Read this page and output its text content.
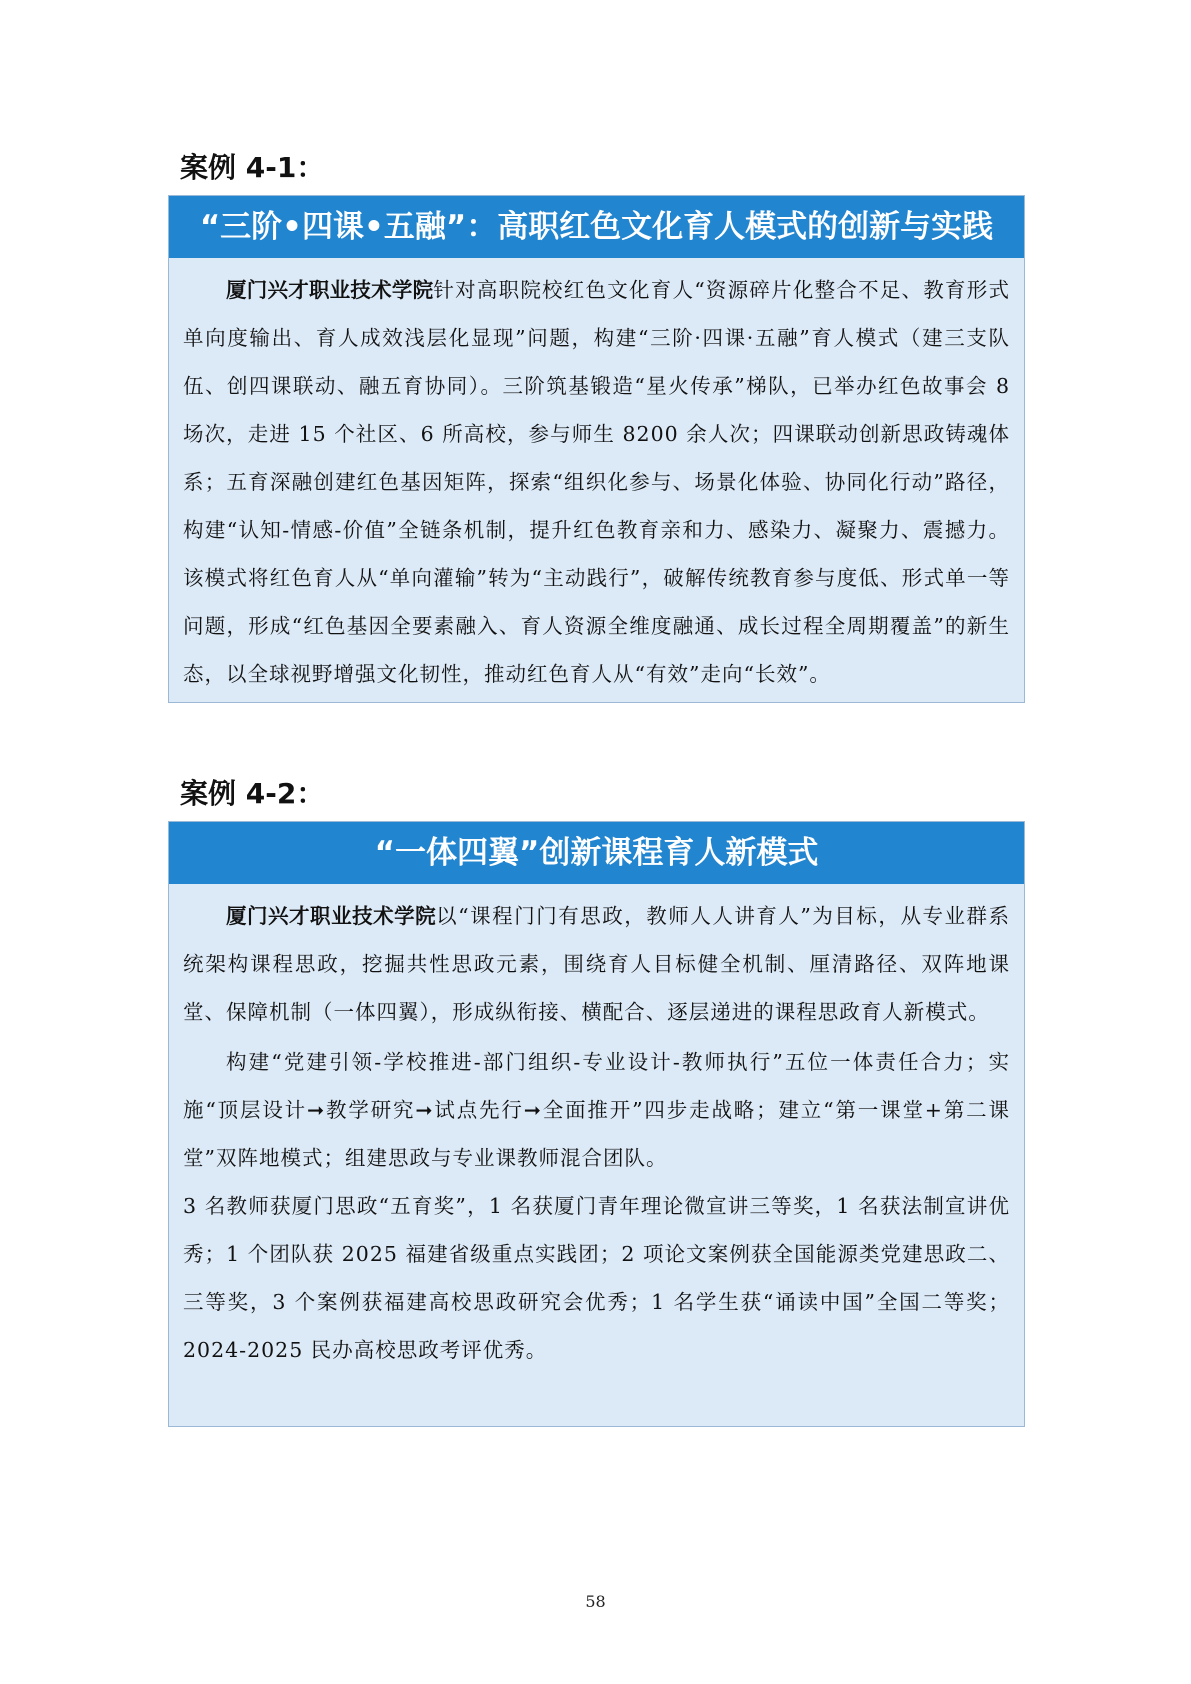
案例 4-1：
“三阶•四课•五融”：高职红色文化育人模式的创新与实践

厦门兴才职业技术学院针对高职院校红色文化育人“资源碎片化整合不足、教育形式单向度输出、育人成效浅层化显现”问题，构建“三阶·四课·五融”育人模式（建三支队伍、创四课联动、融五育协同）。三阶筑基锻造“星火传承”梯队，已举办红色故事会 8 场次，走进 15 个社区、6 所高校，参与师生 8200 余人次；四课联动创新思政铸魂体系；五育深融创建红色基因矩阵，探索“组织化参与、场景化体验、协同化行动”路径，构建“认知-情感-价值”全链条机制，提升红色教育亲和力、感染力、凝聚力、震撼力。该模式将红色育人从“单向灌输”转为“主动践行”，破解传统教育参与度低、形式单一等问题，形成“红色基因全要素融入、育人资源全维度融通、成长过程全周期覆盖”的新生态，以全球视野增强文化韧性，推动红色育人从“有效”走向“长效”。

案例 4-2：
“一体四翼”创新课程育人新模式

厦门兴才职业技术学院以“课程门门有思政，教师人人讲育人”为目标，从专业群系统架构课程思政，挖掘共性思政元素，围绕育人目标健全机制、厘清路径、双阵地课堂、保障机制（一体四翼），形成纵衔接、横配合、逐层递进的课程思政育人新模式。

构建“党建引领-学校推进-部门组织-专业设计-教师执行”五位一体责任合力；实施“顶层设计➞教学研究➞试点先行➞全面推开”四步走战略；建立“第一课堂+第二课堂”双阵地模式；组建思政与专业课教师混合团队。

3 名教师获厦门思政“五育奖”，1 名获厦门青年理论微宣讲三等奖，1 名获法制宣讲优秀；1 个团队获 2025 福建省级重点实践团；2 项论文案例获全国能源类党建思政二、三等奖，3 个案例获福建高校思政研究会优秀；1 名学生获“诵读中国”全国二等奖；2024-2025 民办高校思政考评优秀。

58
